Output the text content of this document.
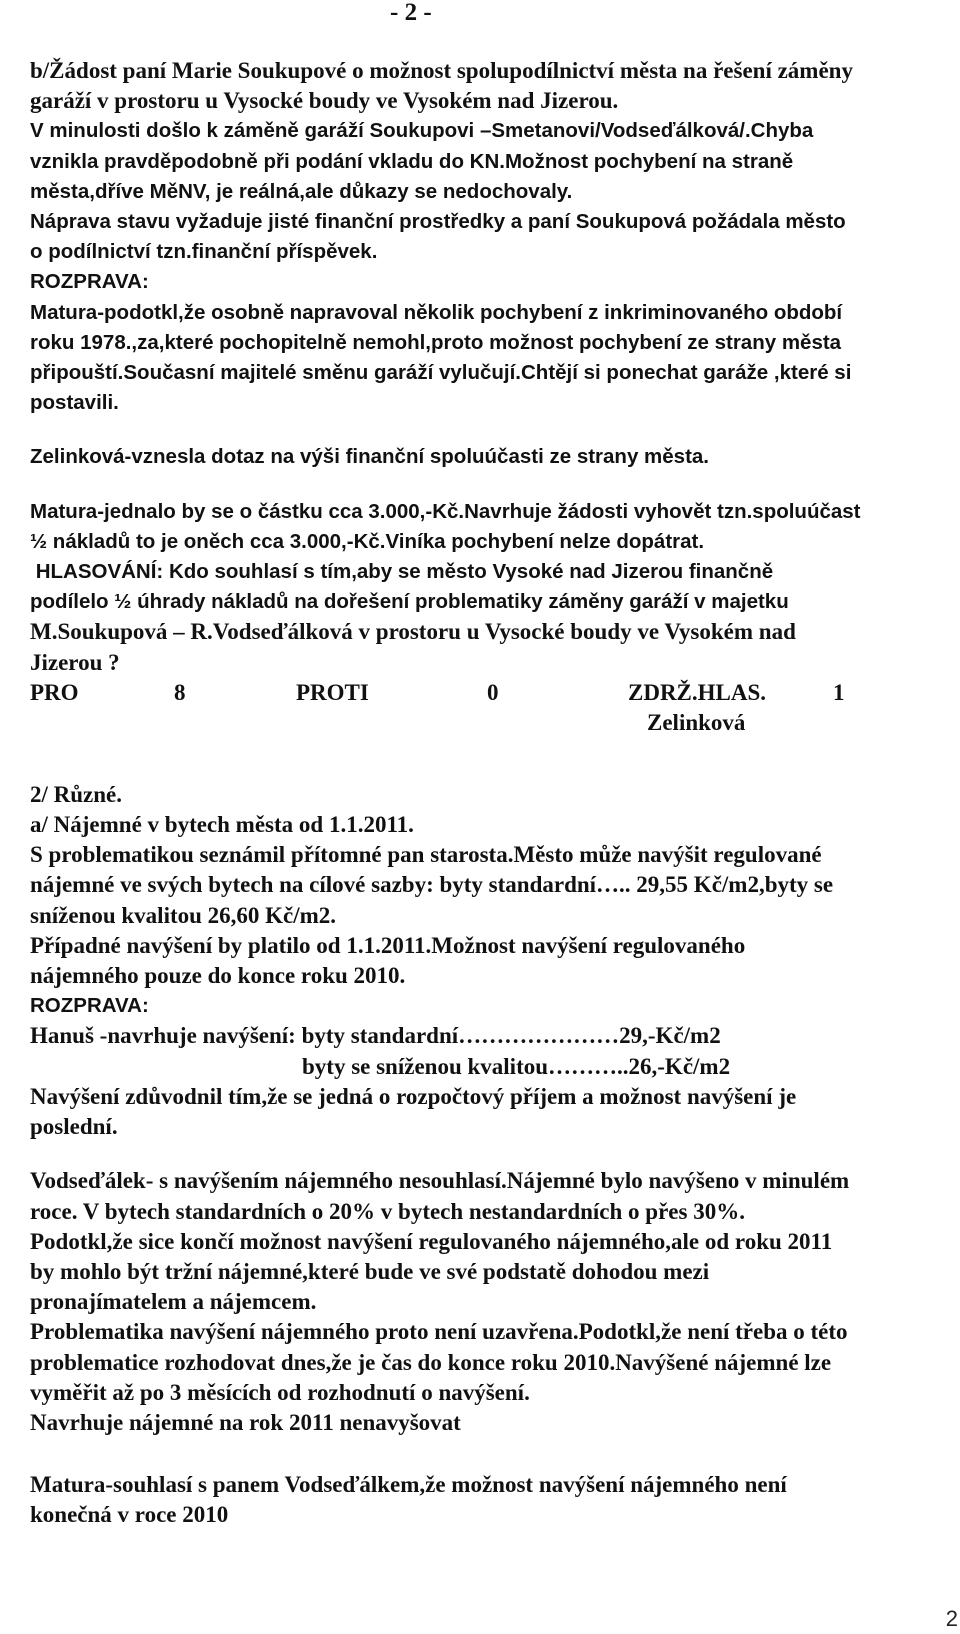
- 2 -

b/Žádost paní Marie Soukupové o možnost spolupodílnictví města na řešení záměny

garáží v prostoru u Vysocké boudy ve Vysokém nad Jizerou.

V minulosti došlo k záměně garáží Soukupovi –Smetanovi/Vodseďálková/.Chyba

vznikla pravděpodobně při podání vkladu do KN.Možnost pochybení na straně

města,dříve MěNV, je reálná,ale důkazy se nedochovaly.

Náprava stavu vyžaduje jisté finanční prostředky a paní Soukupová požádala město

o podílnictví tzn.finanční příspěvek.

ROZPRAVA:

Matura-podotkl,že osobně napravoval několik pochybení z inkriminovaného období

roku 1978.,za,které pochopitelně nemohl,proto možnost pochybení ze strany města

připouští.Současní majitelé směnu garáží vylučují.Chtějí si ponechat garáže ,které si

postavili.

Zelinková-vznesla dotaz na výši finanční spoluúčasti ze strany města.

Matura-jednalo by se o částku cca 3.000,-Kč.Navrhuje žádosti vyhovět tzn.spoluúčast

½ nákladů to je oněch cca 3.000,-Kč.Viníka pochybení nelze dopátrat.

HLASOVÁNÍ: Kdo souhlasí s tím,aby se město Vysoké nad Jizerou finančně

podílelo ½ úhrady nákladů na dořešení problematiky záměny garáží v majetku

M.Soukupová – R.Vodseďálková v prostoru u Vysocké boudy ve Vysokém nad

Jizerou ?

PRO	8	PROTI	0	ZDRŽ.HLAS.	1
Zelinková

2/ Různé.

a/ Nájemné v bytech města od 1.1.2011.

S problematikou seznámil přítomné pan starosta.Město může navýšit regulované

nájemné ve svých bytech na cílové sazby: byty standardní….. 29,55 Kč/m2,byty se

sníženou kvalitou 26,60 Kč/m2.

Případné navýšení by platilo od 1.1.2011.Možnost navýšení regulovaného

nájemného pouze do konce roku 2010.

ROZPRAVA:

Hanuš -navrhuje navýšení: byty standardní…………………29,-Kč/m2

byty se sníženou kvalitou………..26,-Kč/m2

Navýšení zdůvodnil tím,že se jedná o rozpočtový příjem a možnost navýšení je

poslední.

Vodseďálek- s navýšením nájemného nesouhlasí.Nájemné bylo navýšeno v minulém

roce. V bytech standardních o 20% v bytech nestandardních o přes 30%.

Podotkl,že sice končí možnost navýšení regulovaného nájemného,ale od roku 2011

by mohlo být tržní nájemné,které bude ve své podstatě dohodou mezi

pronajímatelem a nájemcem.

Problematika navýšení nájemného proto není uzavřena.Podotkl,že není třeba o této

problematice rozhodovat dnes,že je čas do konce roku 2010.Navýšené nájemné lze

vyměřit až po 3 měsících od rozhodnutí o navýšení.

Navrhuje nájemné na rok 2011 nenavyšovat

Matura-souhlasí s panem Vodseďálkem,že možnost navýšení nájemného není

konečná v roce 2010

2
